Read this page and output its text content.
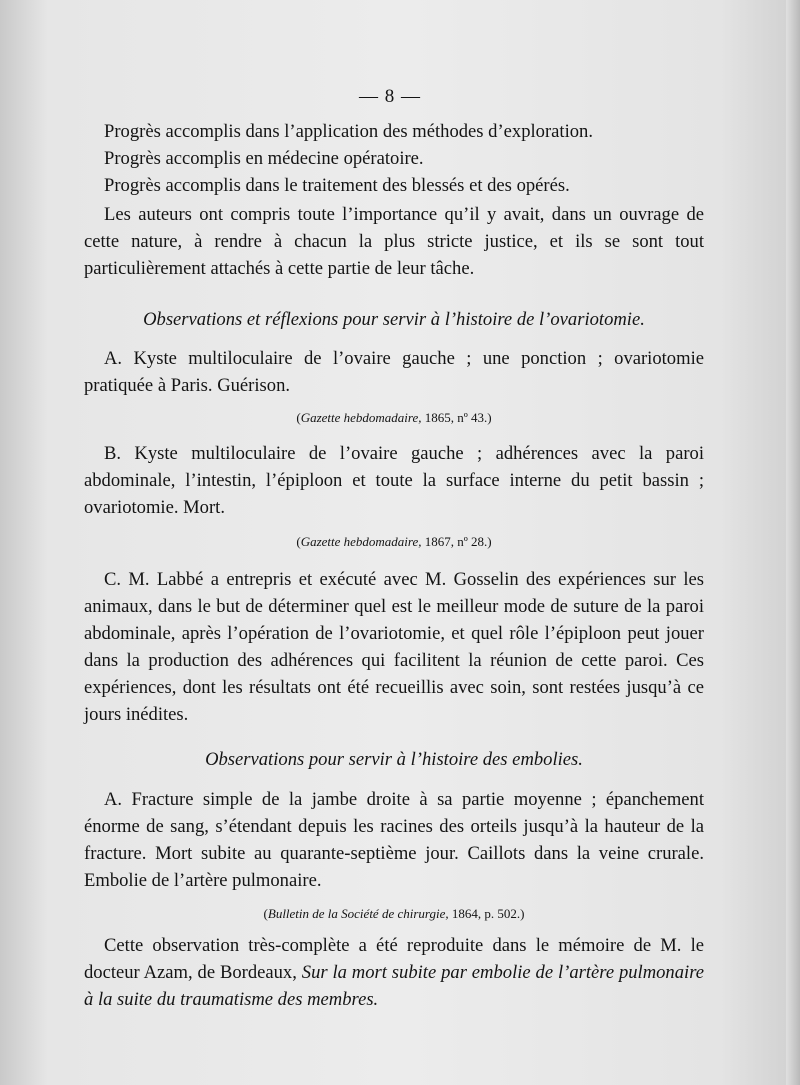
— 8 —

Progrès accomplis dans l’application des méthodes d’exploration.

Progrès accomplis en médecine opératoire.

Progrès accomplis dans le traitement des blessés et des opérés.

Les auteurs ont compris toute l’importance qu’il y avait, dans un ouvrage de cette nature, à rendre à chacun la plus stricte justice, et ils se sont tout particulièrement attachés à cette partie de leur tâche.

Observations et réflexions pour servir à l’histoire de l’ovariotomie.

A. Kyste multiloculaire de l’ovaire gauche ; une ponction ; ovariotomie pratiquée à Paris. Guérison.

(Gazette hebdomadaire, 1865, nº 43.)

B. Kyste multiloculaire de l’ovaire gauche ; adhérences avec la paroi abdominale, l’intestin, l’épiploon et toute la surface interne du petit bassin ; ovariotomie. Mort.

(Gazette hebdomadaire, 1867, nº 28.)

C. M. Labbé a entrepris et exécuté avec M. Gosselin des expériences sur les animaux, dans le but de déterminer quel est le meilleur mode de suture de la paroi abdominale, après l’opération de l’ovariotomie, et quel rôle l’épiploon peut jouer dans la production des adhérences qui facilitent la réunion de cette paroi. Ces expériences, dont les résultats ont été recueillis avec soin, sont restées jusqu’à ce jours inédites.

Observations pour servir à l’histoire des embolies.

A. Fracture simple de la jambe droite à sa partie moyenne ; épanchement énorme de sang, s’étendant depuis les racines des orteils jusqu’à la hauteur de la fracture. Mort subite au quarante-septième jour. Caillots dans la veine crurale. Embolie de l’artère pulmonaire.

(Bulletin de la Société de chirurgie, 1864, p. 502.)

Cette observation très-complète a été reproduite dans le mémoire de M. le docteur Azam, de Bordeaux, Sur la mort subite par embolie de l’artère pulmonaire à la suite du traumatisme des membres.
